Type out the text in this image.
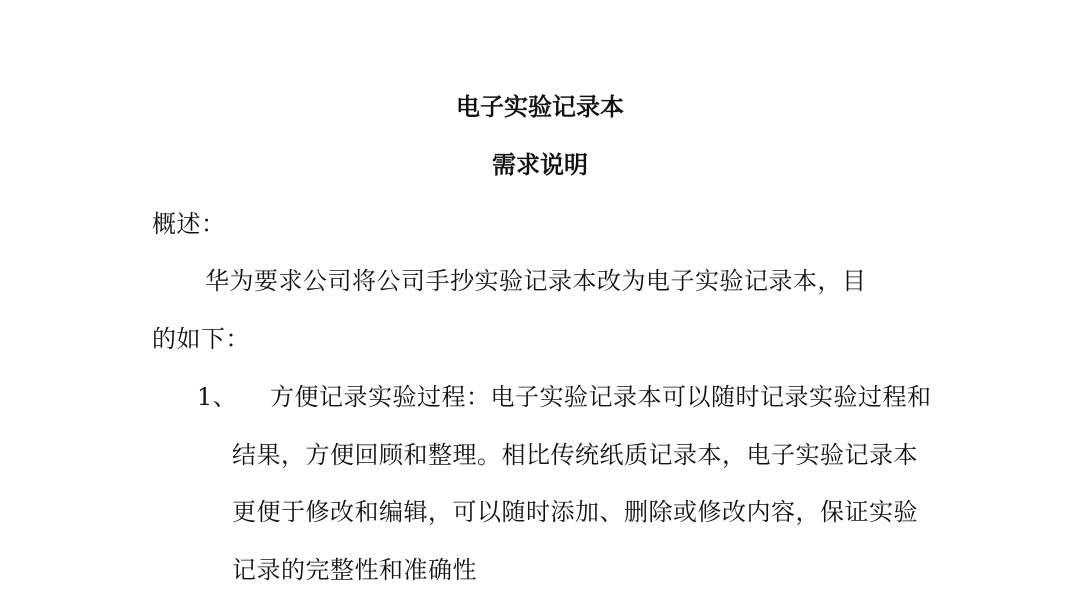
电子实验记录本
需求说明
概述：
华为要求公司将公司手抄实验记录本改为电子实验记录本，目
的如下：
1、 方便记录实验过程：电子实验记录本可以随时记录实验过程和
结果，方便回顾和整理。相比传统纸质记录本，电子实验记录本
更便于修改和编辑，可以随时添加、删除或修改内容，保证实验
记录的完整性和准确性
